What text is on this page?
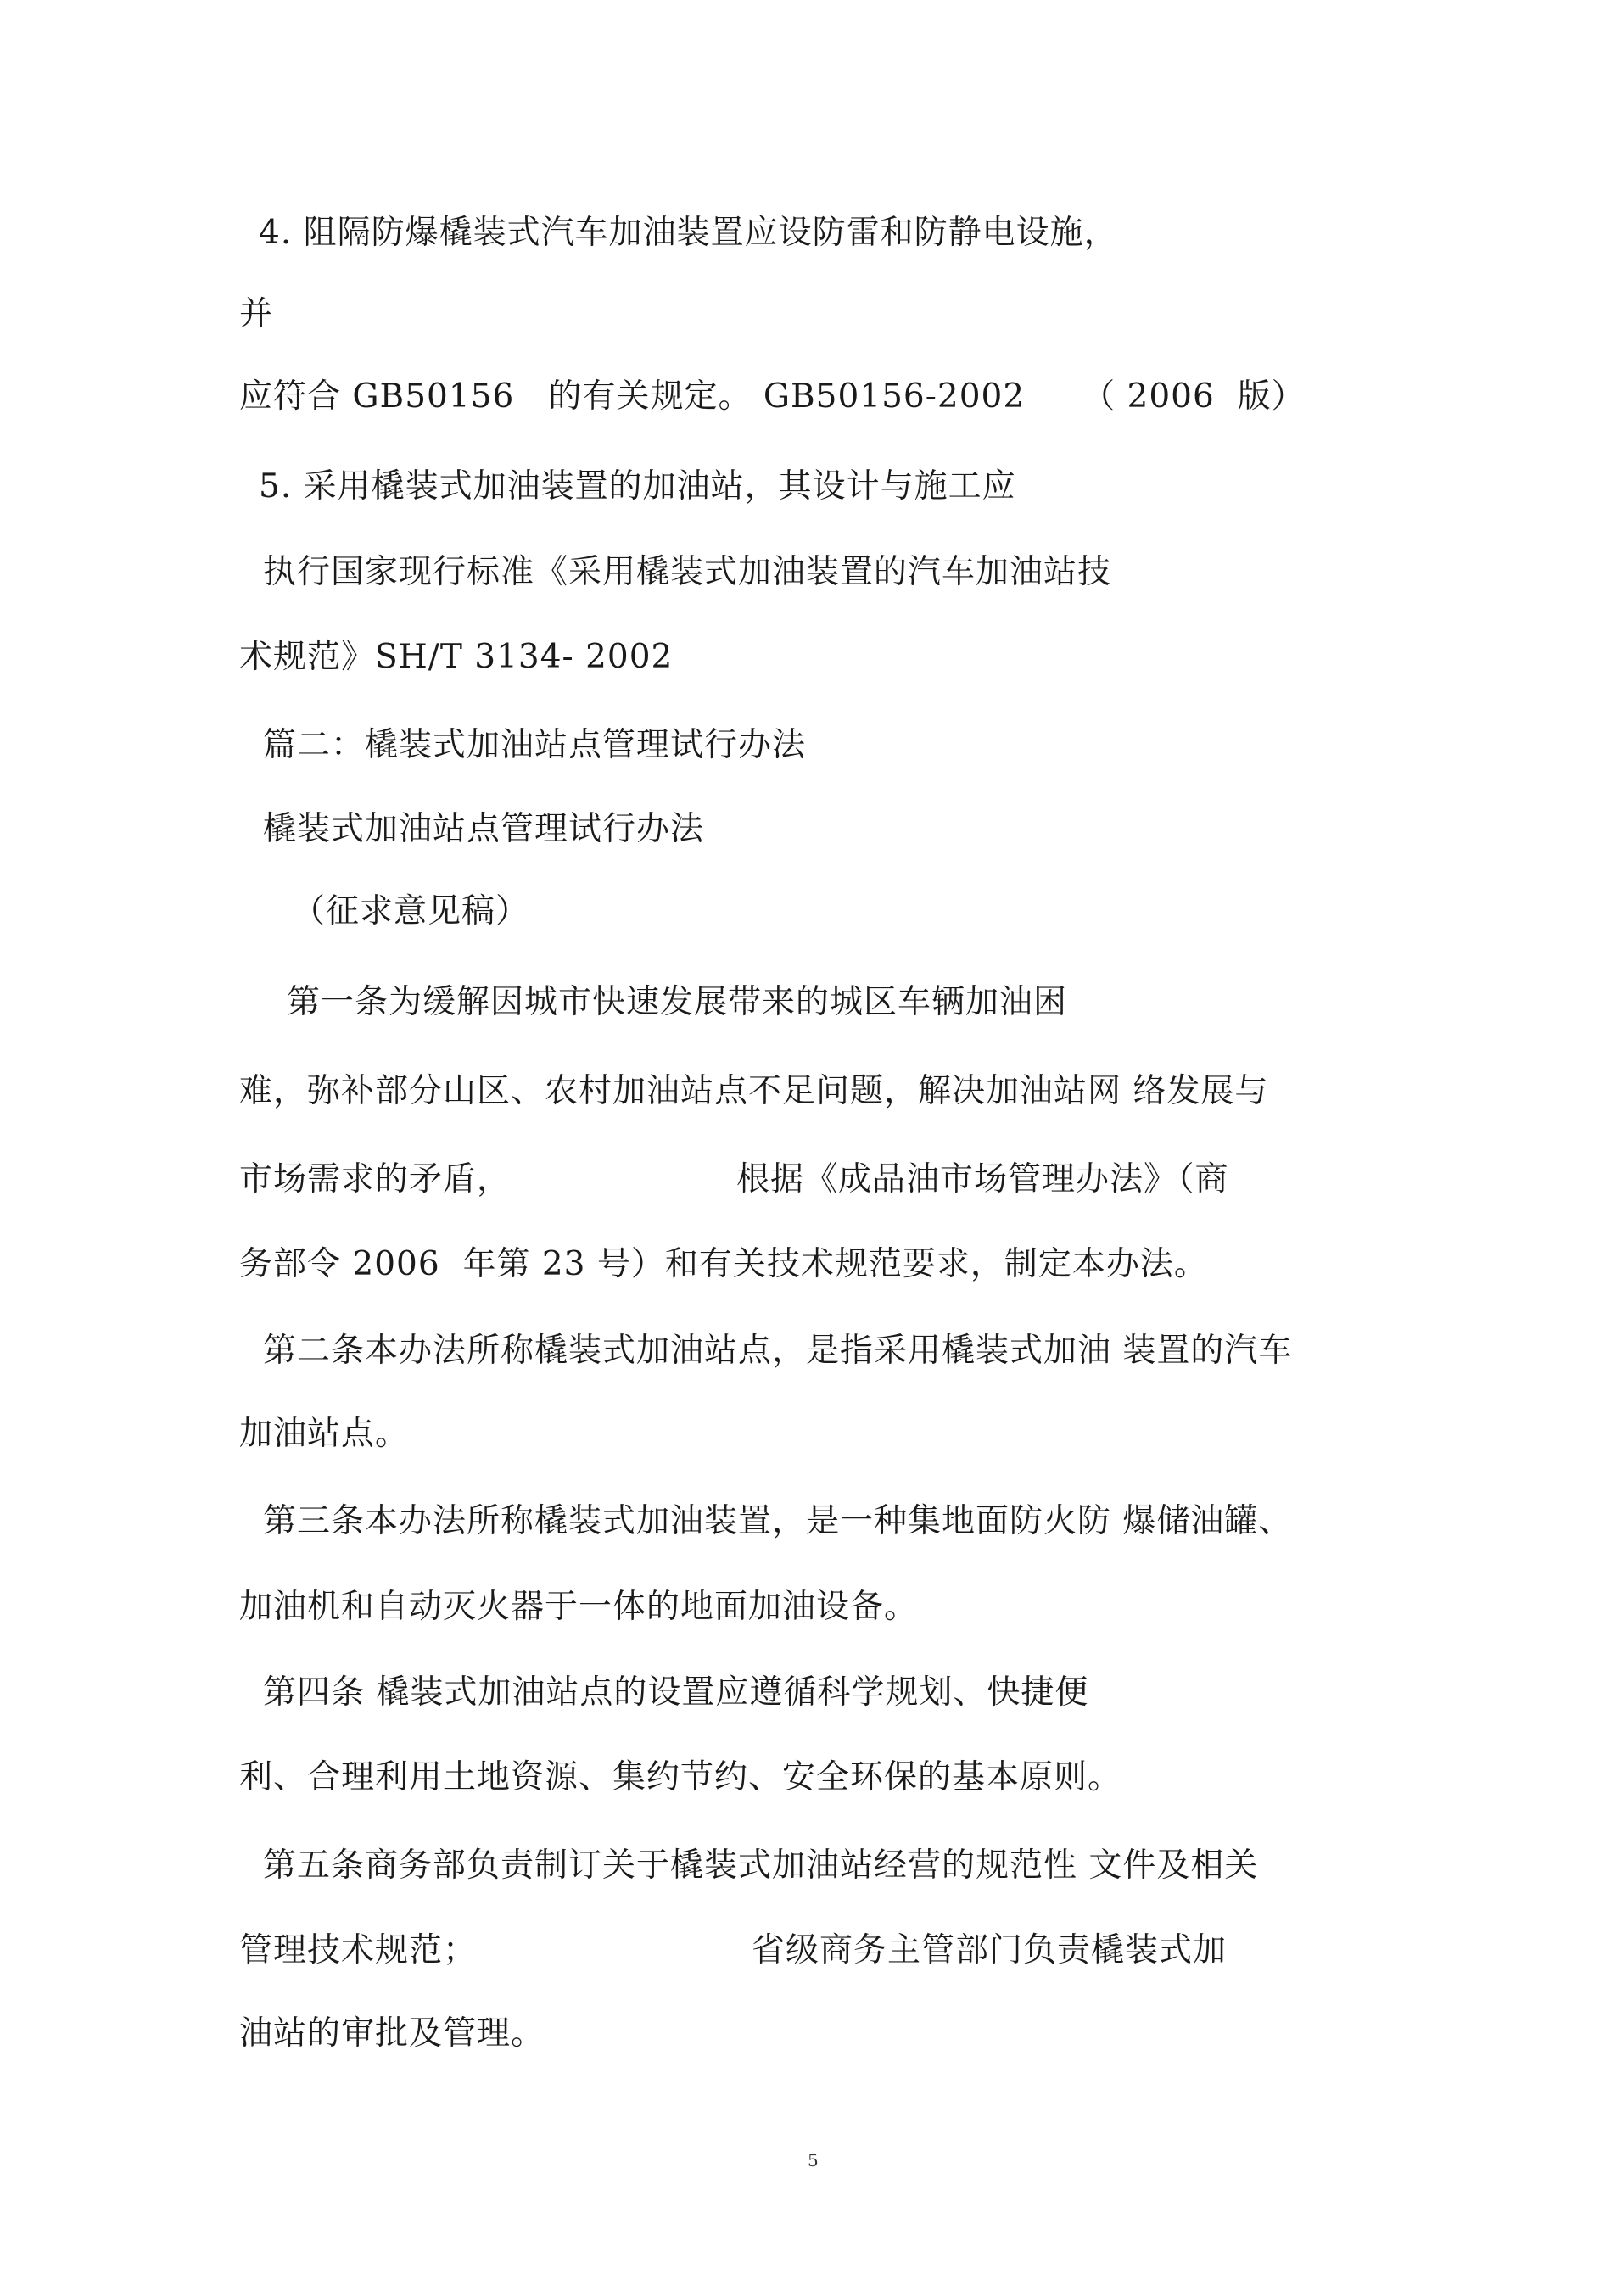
4. 阻隔防爆橇装式汽车加油装置应设防雷和防静电设施，
并
应符合 GB50156   的有关规定。 GB50156-2002     （ 2006  版）
5. 采用橇装式加油装置的加油站，其设计与施工应
执行国家现行标准《采用橇装式加油装置的汽车加油站技
术规范》SH/T 3134- 2002
篇二：橇装式加油站点管理试行办法
橇装式加油站点管理试行办法
（征求意见稿）
第一条为缓解因城市快速发展带来的城区车辆加油困
难，弥补部分山区、农村加油站点不足问题，解决加油站网 络发展与
市场需求的矛盾，	根据《成品油市场管理办法》（商
务部令 2006  年第 23 号）和有关技术规范要求，制定本办法。
第二条本办法所称橇装式加油站点，是指采用橇装式加油 装置的汽车
加油站点。
第三条本办法所称橇装式加油装置，是一种集地面防火防 爆储油罐、
加油机和自动灭火器于一体的地面加油设备。
第四条 橇装式加油站点的设置应遵循科学规划、快捷便
利、合理利用土地资源、集约节约、安全环保的基本原则。
第五条商务部负责制订关于橇装式加油站经营的规范性 文件及相关
管理技术规范；	省级商务主管部门负责橇装式加
油站的审批及管理。
5
